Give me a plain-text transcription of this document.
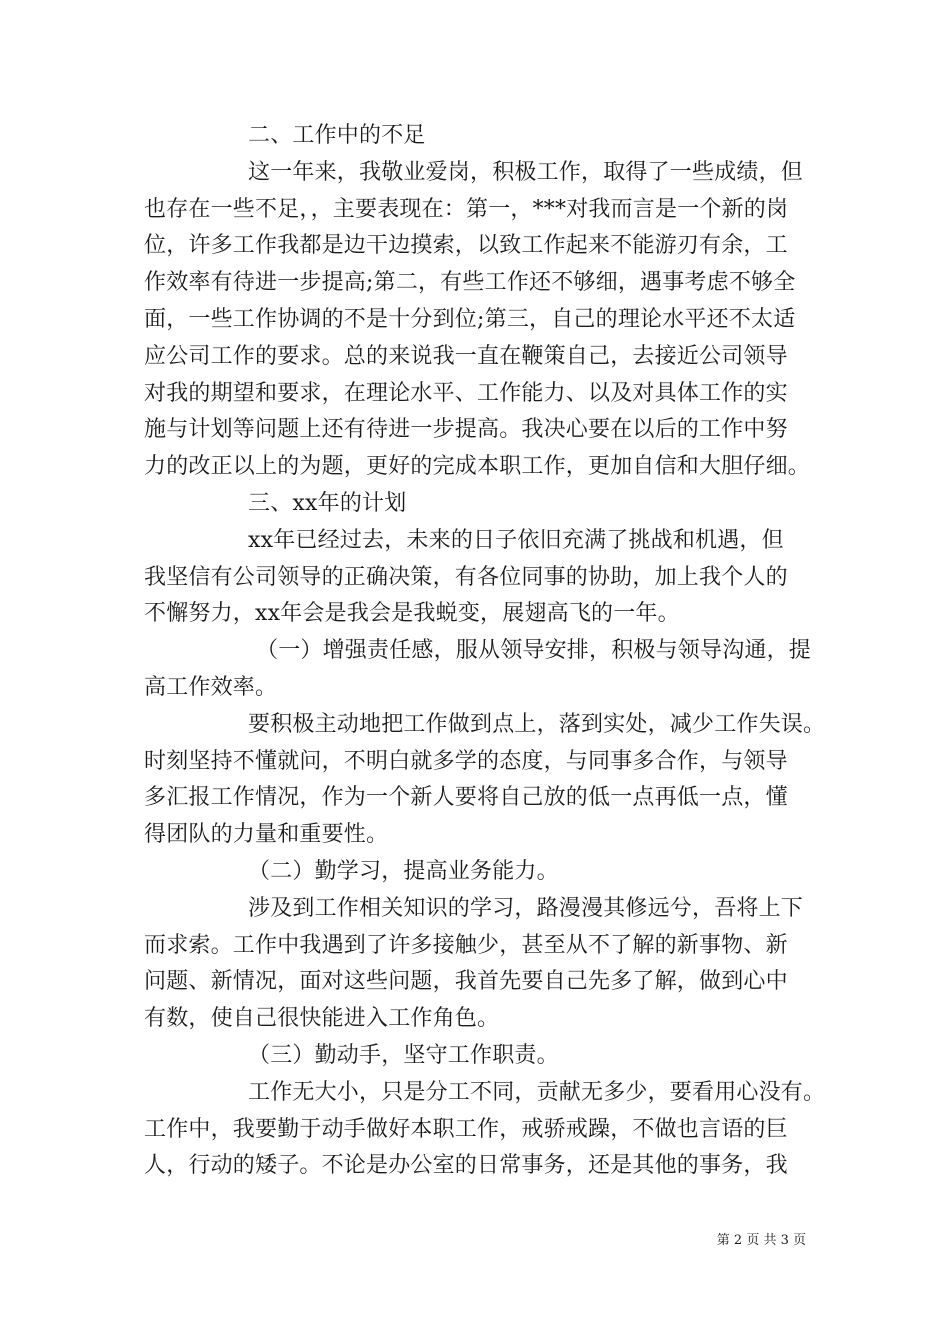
二、工作中的不足
这一年来，我敬业爱岗，积极工作，取得了一些成绩，但
也存在一些不足，，主要表现在：第一，***对我而言是一个新的岗
位，许多工作我都是边干边摸索，以致工作起来不能游刃有余，工
作效率有待进一步提高;第二，有些工作还不够细，遇事考虑不够全
面，一些工作协调的不是十分到位;第三，自己的理论水平还不太适
应公司工作的要求。总的来说我一直在鞭策自己，去接近公司领导
对我的期望和要求，在理论水平、工作能力、以及对具体工作的实
施与计划等问题上还有待进一步提高。我决心要在以后的工作中努
力的改正以上的为题，更好的完成本职工作，更加自信和大胆仔细。
三、xx年的计划
xx年已经过去，未来的日子依旧充满了挑战和机遇，但
我坚信有公司领导的正确决策，有各位同事的协助，加上我个人的
不懈努力，xx年会是我会是我蜕变，展翅高飞的一年。
（一）增强责任感，服从领导安排，积极与领导沟通，提
高工作效率。
要积极主动地把工作做到点上，落到实处，减少工作失误。
时刻坚持不懂就问，不明白就多学的态度，与同事多合作，与领导
多汇报工作情况，作为一个新人要将自己放的低一点再低一点，懂
得团队的力量和重要性。
（二）勤学习，提高业务能力。
涉及到工作相关知识的学习，路漫漫其修远兮，吾将上下
而求索。工作中我遇到了许多接触少，甚至从不了解的新事物、新
问题、新情况，面对这些问题，我首先要自己先多了解，做到心中
有数，使自己很快能进入工作角色。
（三）勤动手，坚守工作职责。
工作无大小，只是分工不同，贡献无多少，要看用心没有。
工作中，我要勤于动手做好本职工作，戒骄戒躁，不做也言语的巨
人，行动的矮子。不论是办公室的日常事务，还是其他的事务，我
第 2 页 共 3 页
